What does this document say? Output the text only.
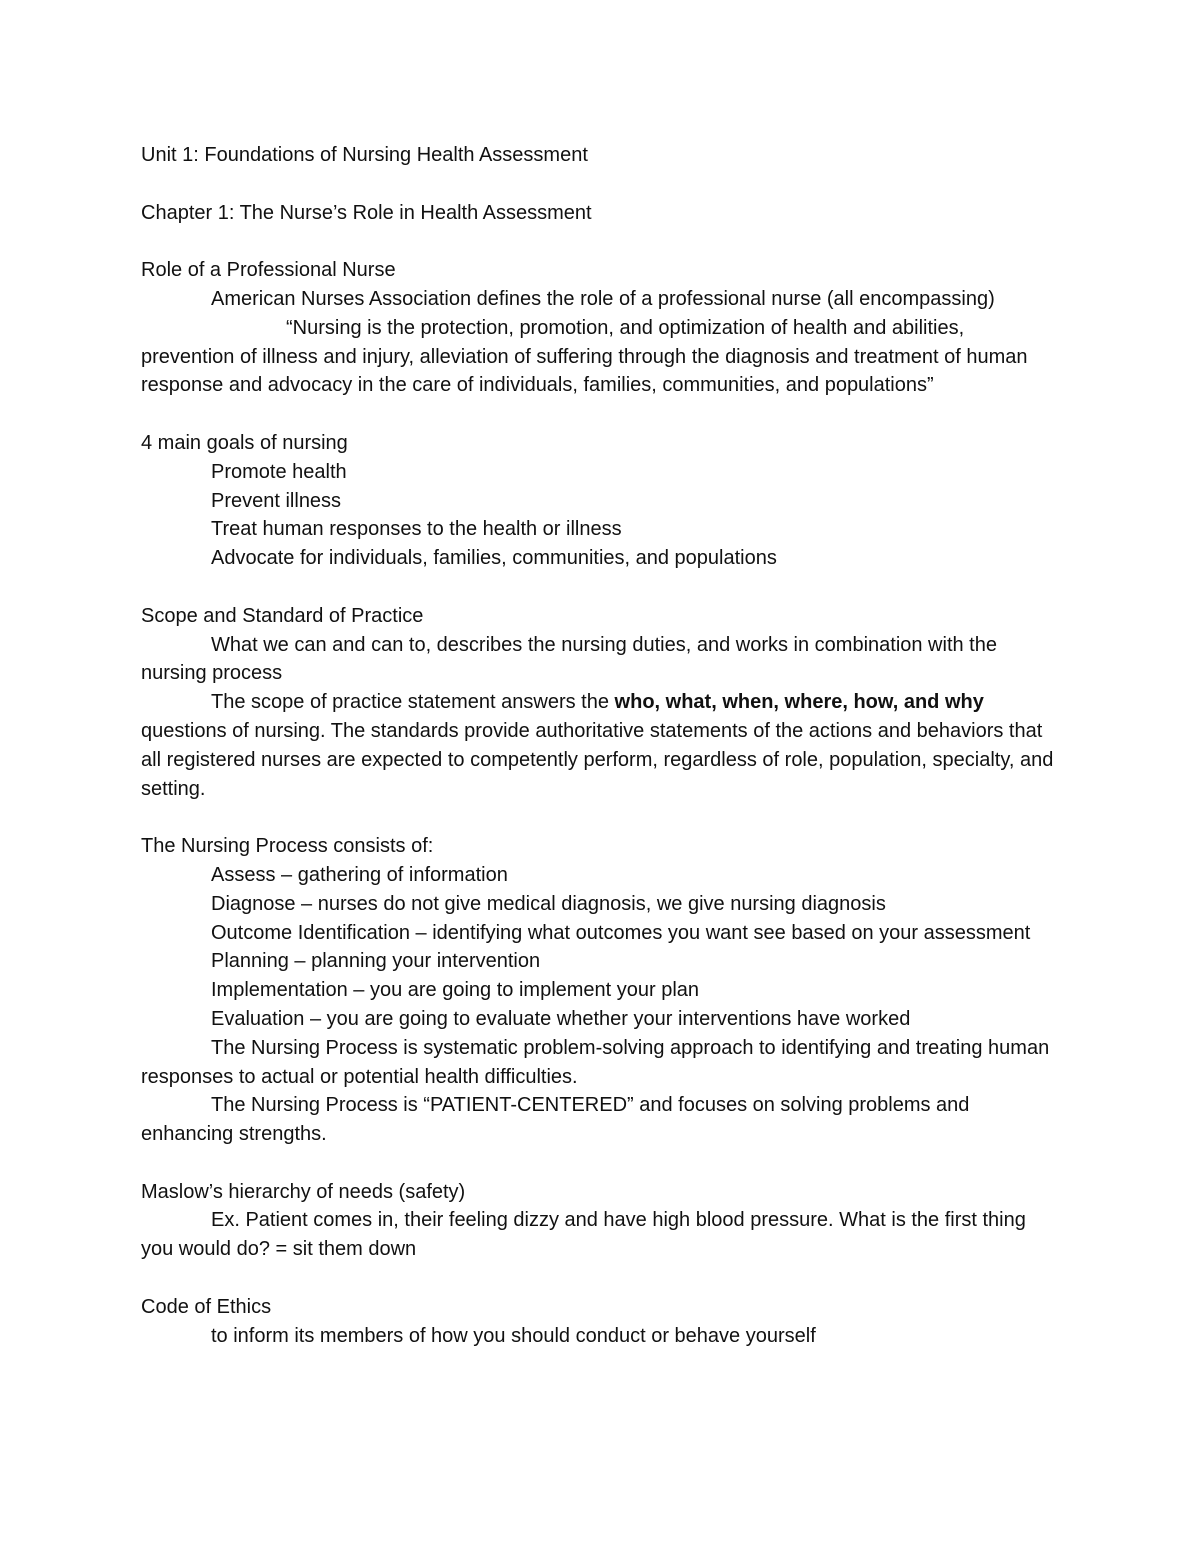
Unit 1: Foundations of Nursing Health Assessment

Chapter 1: The Nurse’s Role in Health Assessment

Role of a Professional Nurse

American Nurses Association defines the role of a professional nurse (all encompassing)

“Nursing is the protection, promotion, and optimization of health and abilities, prevention of illness and injury, alleviation of suffering through the diagnosis and treatment of human response and advocacy in the care of individuals, families, communities, and populations”

4 main goals of nursing

Promote health

Prevent illness

Treat human responses to the health or illness

Advocate for individuals, families, communities, and populations

Scope and Standard of Practice

What we can and can to, describes the nursing duties, and works in combination with the nursing process

The scope of practice statement answers the who, what, when, where, how, and why questions of nursing. The standards provide authoritative statements of the actions and behaviors that all registered nurses are expected to competently perform, regardless of role, population, specialty, and setting.

The Nursing Process consists of:

Assess – gathering of information

Diagnose – nurses do not give medical diagnosis, we give nursing diagnosis

Outcome Identification – identifying what outcomes you want see based on your assessment

Planning – planning your intervention

Implementation – you are going to implement your plan

Evaluation – you are going to evaluate whether your interventions have worked

The Nursing Process is systematic problem-solving approach to identifying and treating human responses to actual or potential health difficulties.

The Nursing Process is “PATIENT-CENTERED” and focuses on solving problems and enhancing strengths.

Maslow’s hierarchy of needs (safety)

Ex. Patient comes in, their feeling dizzy and have high blood pressure. What is the first thing you would do? = sit them down

Code of Ethics

to inform its members of how you should conduct or behave yourself
